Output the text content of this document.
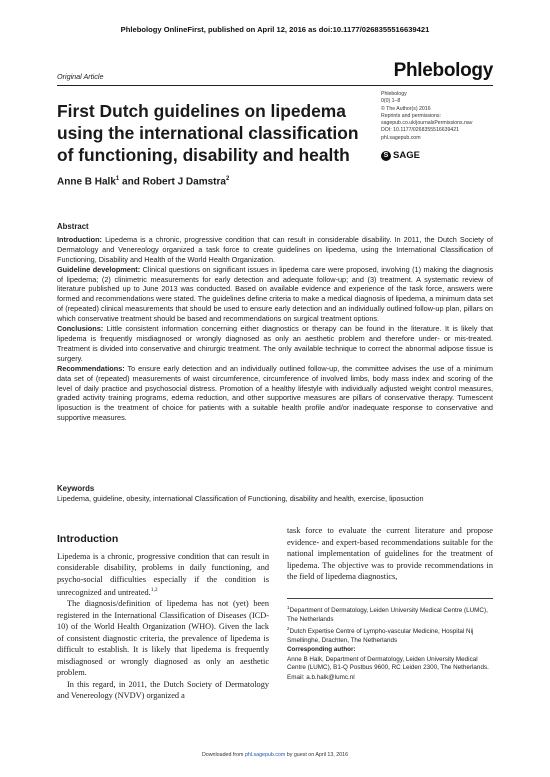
Phlebology OnlineFirst, published on April 12, 2016 as doi:10.1177/0268355516639421
Original Article	Phlebology
Phlebology
0(0) 1–8
© The Author(s) 2016
Reprints and permissions:
sagepub.co.uk/journalsPermissions.nav
DOI: 10.1177/0268355516639421
phl.sagepub.com
S SAGE
First Dutch guidelines on lipedema using the international classification of functioning, disability and health
Anne B Halk$^1$ and Robert J Damstra$^2$
Abstract

Introduction: Lipedema is a chronic, progressive condition that can result in considerable disability. In 2011, the Dutch Society of Dermatology and Venereology organized a task force to create guidelines on lipedema, using the International Classification of Functioning, Disability and Health of the World Health Organization.

Guideline development: Clinical questions on significant issues in lipedema care were proposed, involving (1) making the diagnosis of lipedema; (2) clinimetric measurements for early detection and adequate follow-up; and (3) treatment. A systematic review of literature published up to June 2013 was conducted. Based on available evidence and experience of the task force, answers were formed and recommendations were stated. The guidelines define criteria to make a medical diagnosis of lipedema, a minimum data set of (repeated) clinical measurements that should be used to ensure early detection and an individually outlined follow-up plan, pillars on which conservative treatment should be based and recommendations on surgical treatment options.

Conclusions: Little consistent information concerning either diagnostics or therapy can be found in the literature. It is likely that lipedema is frequently misdiagnosed or wrongly diagnosed as only an aesthetic problem and therefore under- or mis-treated. Treatment is divided into conservative and chirurgic treatment. The only available technique to correct the abnormal adipose tissue is surgery.

Recommendations: To ensure early detection and an individually outlined follow-up, the committee advises the use of a minimum data set of (repeated) measurements of waist circumference, circumference of involved limbs, body mass index and scoring of the level of daily practice and psychosocial distress. Promotion of a healthy lifestyle with individually adjusted weight control measures, graded activity training programs, edema reduction, and other supportive measures are pillars of conservative therapy. Tumescent liposuction is the treatment of choice for patients with a suitable health profile and/or inadequate response to conservative and supportive measures.

Keywords
Lipedema, guideline, obesity, international Classification of Functioning, disability and health, exercise, liposuction
Introduction

Lipedema is a chronic, progressive condition that can result in considerable disability, problems in daily functioning, and psycho-social difficulties especially if the condition is unrecognized and untreated.$^{1,2}$

The diagnosis/definition of lipedema has not (yet) been registered in the International Classification of Diseases (ICD-10) of the World Health Organization (WHO). Given the lack of consistent diagnostic criteria, the prevalence of lipedema is difficult to establish. It is likely that lipedema is frequently misdiagnosed or wrongly diagnosed as only an aesthetic problem.

In this regard, in 2011, the Dutch Society of Dermatology and Venereology (NVDV) organized a

task force to evaluate the current literature and propose evidence- and expert-based recommendations suitable for the national implementation of guidelines for the treatment of lipedema. The objective was to provide recommendations in the field of lipedema diagnostics,

$^1$Department of Dermatology, Leiden University Medical Centre (LUMC), The Netherlands

$^2$Dutch Expertise Centre of Lympho-vascular Medicine, Hospital Nij Smellinghe, Drachten, The Netherlands

Corresponding author:

Anne B Halk, Department of Dermatology, Leiden University Medical Centre (LUMC), B1-Q Postbus 9600, RC Leiden 2300, The Netherlands.

Email: a.b.halk@lumc.nl

Downloaded from phl.sagepub.com by guest on April 13, 2016
